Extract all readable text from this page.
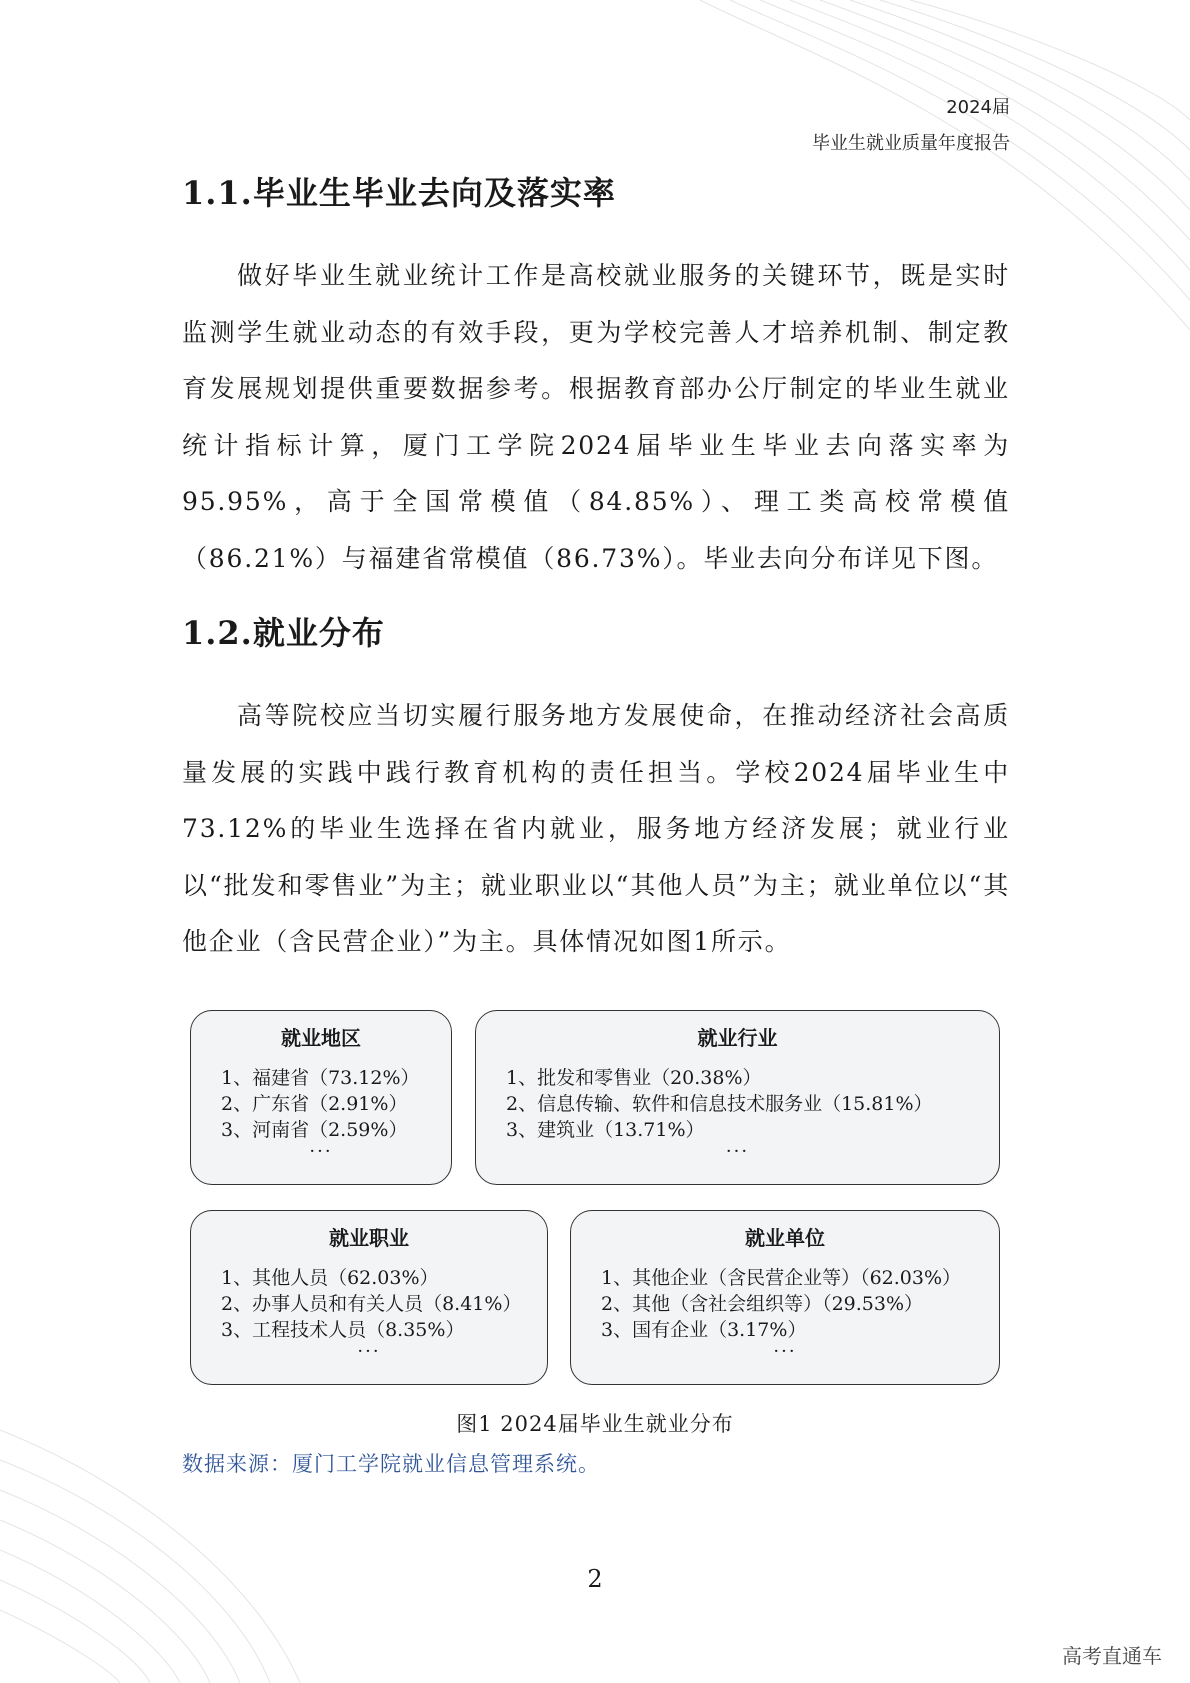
2024届
毕业生就业质量年度报告
1.1.毕业生毕业去向及落实率

做好毕业生就业统计工作是高校就业服务的关键环节，既是实时监测学生就业动态的有效手段，更为学校完善人才培养机制、制定教育发展规划提供重要数据参考。根据教育部办公厅制定的毕业生就业统计指标计算，厦门工学院2024届毕业生毕业去向落实率为95.95%，高于全国常模值（84.85%）、理工类高校常模值（86.21%）与福建省常模值（86.73%）。毕业去向分布详见下图。

1.2.就业分布

高等院校应当切实履行服务地方发展使命，在推动经济社会高质量发展的实践中践行教育机构的责任担当。学校2024届毕业生中73.12%的毕业生选择在省内就业，服务地方经济发展；就业行业以“批发和零售业”为主；就业职业以“其他人员”为主；就业单位以“其他企业（含民营企业）”为主。具体情况如图1所示。

就业地区
1、福建省（73.12%）
2、广东省（2.91%）
3、河南省（2.59%）
···
就业行业
1、批发和零售业（20.38%）
2、信息传输、软件和信息技术服务业（15.81%）
3、建筑业（13.71%）
···
就业职业
1、其他人员（62.03%）
2、办事人员和有关人员（8.41%）
3、工程技术人员（8.35%）
···
就业单位
1、其他企业（含民营企业等）（62.03%）
2、其他（含社会组织等）（29.53%）
3、国有企业（3.17%）
···
图1 2024届毕业生就业分布
数据来源：厦门工学院就业信息管理系统。
2
高考直通车
